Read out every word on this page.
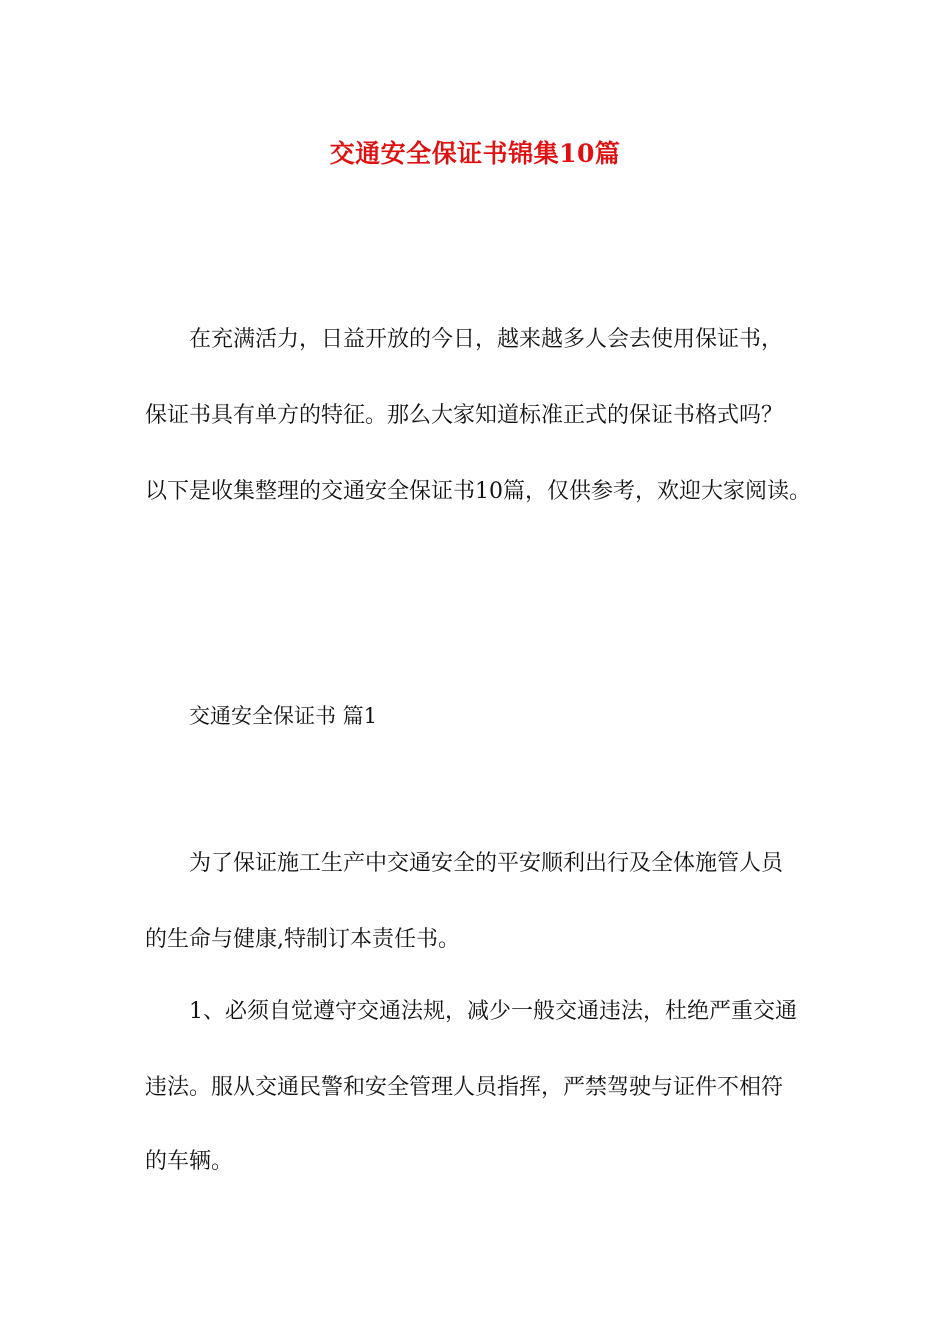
交通安全保证书锦集10篇
在充满活力，日益开放的今日，越来越多人会去使用保证书，
保证书具有单方的特征。那么大家知道标准正式的保证书格式吗？
以下是收集整理的交通安全保证书10篇，仅供参考，欢迎大家阅读。
交通安全保证书 篇1
为了保证施工生产中交通安全的平安顺利出行及全体施管人员
的生命与健康,特制订本责任书。
1、必须自觉遵守交通法规，减少一般交通违法，杜绝严重交通
违法。服从交通民警和安全管理人员指挥，严禁驾驶与证件不相符
的车辆。
